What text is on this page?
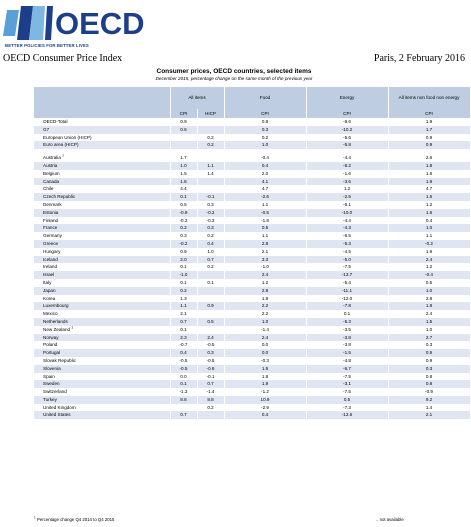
OECD
BETTER POLICIES FOR BETTER LIVES
OECD Consumer Price Index	Paris, 2 February 2016
Consumer prices, OECD countries, selected items
December 2015, percentage change on the same month of the previous year
	All items		Food	Energy	All items non food non energy
	CPI	HICP	CPI	CPI	CPI
OECD-Total	0.9		0.8	-8.6	1.9
G7	0.6		0.3	-10.2	1.7
European Union (HICP)		0.2	0.2	-5.6	0.9
Euro area (HICP)		0.2	1.0	-5.8	0.9

Australia $^1$	1.7		-0.4	-4.4	2.6
Austria	1.0	1.1	0.4	-6.2	1.8
Belgium	1.5	1.4	2.0	-1.6	1.6
Canada	1.6		4.1	-3.6	1.9
Chile	4.4		4.7	1.2	4.7
Czech Republic	0.1	-0.1	-2.6	-2.5	1.5
Denmark	0.5	0.3	1.1	-6.1	1.2
Estonia	-0.9	-0.2	-0.5	-10.0	1.6
Finland	-0.2	-0.3	-1.8	-4.4	0.4
France	0.2	0.3	0.5	-4.3	1.0
Germany	0.3	0.2	1.1	-6.5	1.1
Greece	-0.2	0.4	2.8	-5.3	-0.2
Hungary	0.9	1.0	2.1	-4.5	1.9
Iceland	2.0	0.7	3.3	-5.0	2.4
Ireland	0.1	0.2	-1.0	-7.5	1.2
Israel	-1.0		2.4	-13.7	-0.4
Italy	0.1	0.1	1.2	-5.4	0.5
Japan	0.2		2.8	-11.1	1.0
Korea	1.3		1.9	-12.0	2.8
Luxembourg	1.1	0.9	2.2	-7.8	1.8
Mexico	2.1		2.2	0.1	2.4
Netherlands	0.7	0.5	1.0	-5.3	1.5
New Zealand $^1$	0.1		-1.4	-3.5	1.0
Norway	2.3	2.4	2.4	-3.8	2.7
Poland	-0.7	-0.5	0.0	-3.8	0.3
Portugal	0.4	0.3	0.0	-1.5	0.5
Slovak Republic	-0.5	-0.5	-0.3	-4.8	0.9
Slovenia	-0.5	-0.6	1.5	-6.7	0.3
Spain	0.0	-0.1	1.8	-7.5	0.8
Sweden	0.1	0.7	1.9	-3.1	0.8
Switzerland	-1.3	-1.4	-1.2	-7.5	-0.9
Turkey	8.8	8.8	10.9	0.5	9.2
United Kingdom		0.2	-2.9	-7.3	1.4
United States	0.7		0.4	-12.6	2.1
$^1$ Percentage change Q4 2014 to Q4 2015	.. not available
